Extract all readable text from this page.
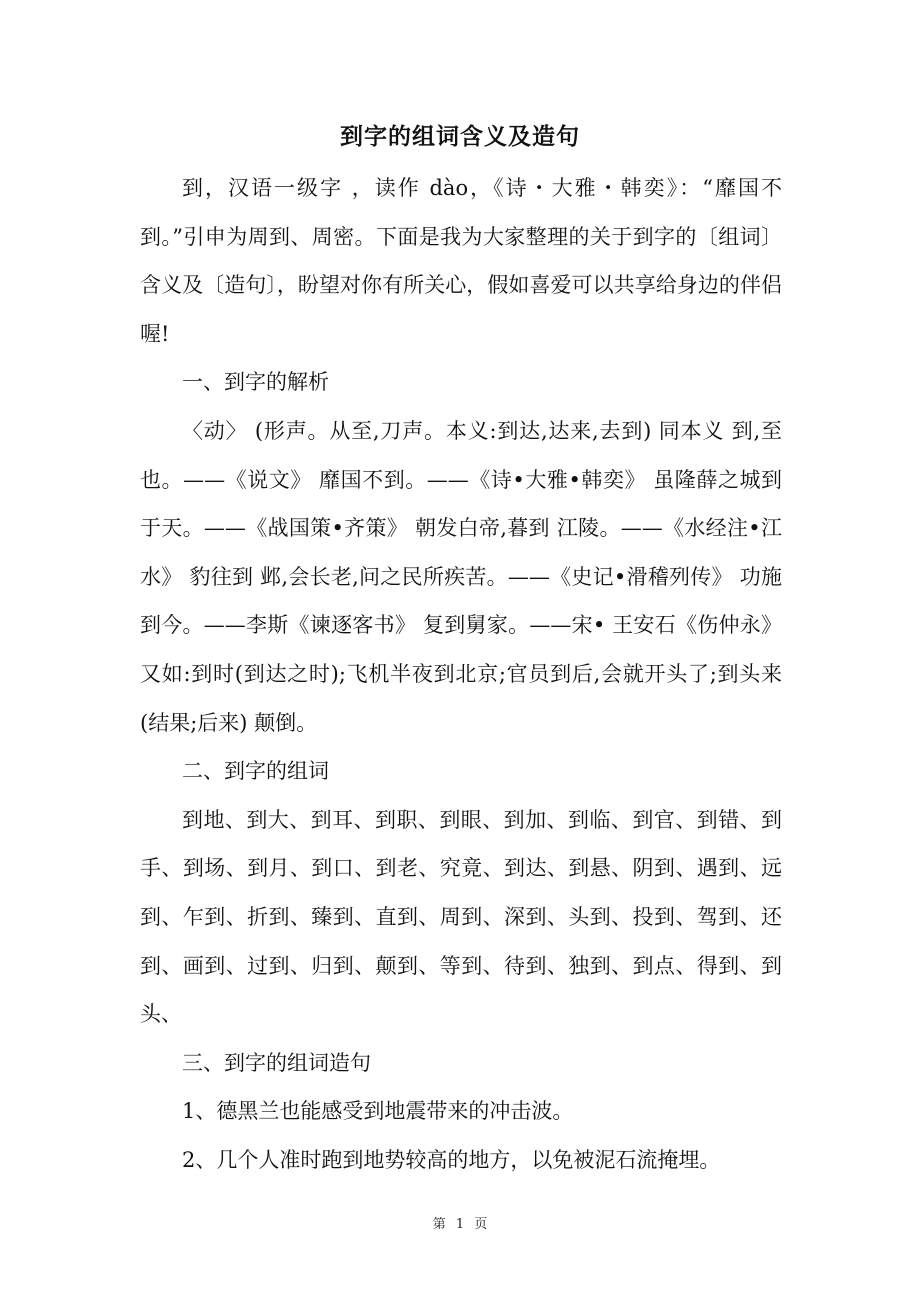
到字的组词含义及造句

到，汉语一级字 ，读作 dào，《诗・大雅・韩奕》：“靡国不到。”引申为周到、周密。下面是我为大家整理的关于到字的〔组词〕含义及〔造句〕，盼望对你有所关心，假如喜爱可以共享给身边的伴侣喔!

一、到字的解析

〈动〉 (形声。从至,刀声。本义:到达,达来,去到) 同本义 到,至也。——《说文》 靡国不到。——《诗•大雅•韩奕》 虽隆薛之城到于天。——《战国策•齐策》 朝发白帝,暮到 江陵。——《水经注•江水》 豹往到 邺,会长老,问之民所疾苦。——《史记•滑稽列传》 功施到今。——李斯《谏逐客书》 复到舅家。——宋• 王安石《伤仲永》 又如:到时(到达之时);飞机半夜到北京;官员到后,会就开头了;到头来(结果;后来) 颠倒。

二、到字的组词

到地、到大、到耳、到职、到眼、到加、到临、到官、到错、到手、到场、到月、到口、到老、究竟、到达、到悬、阴到、遇到、远到、乍到、折到、臻到、直到、周到、深到、头到、投到、驾到、还到、画到、过到、归到、颠到、等到、待到、独到、到点、得到、到头、

三、到字的组词造句

1、德黑兰也能感受到地震带来的冲击波。

2、几个人准时跑到地势较高的地方，以免被泥石流掩埋。

第 1 页
